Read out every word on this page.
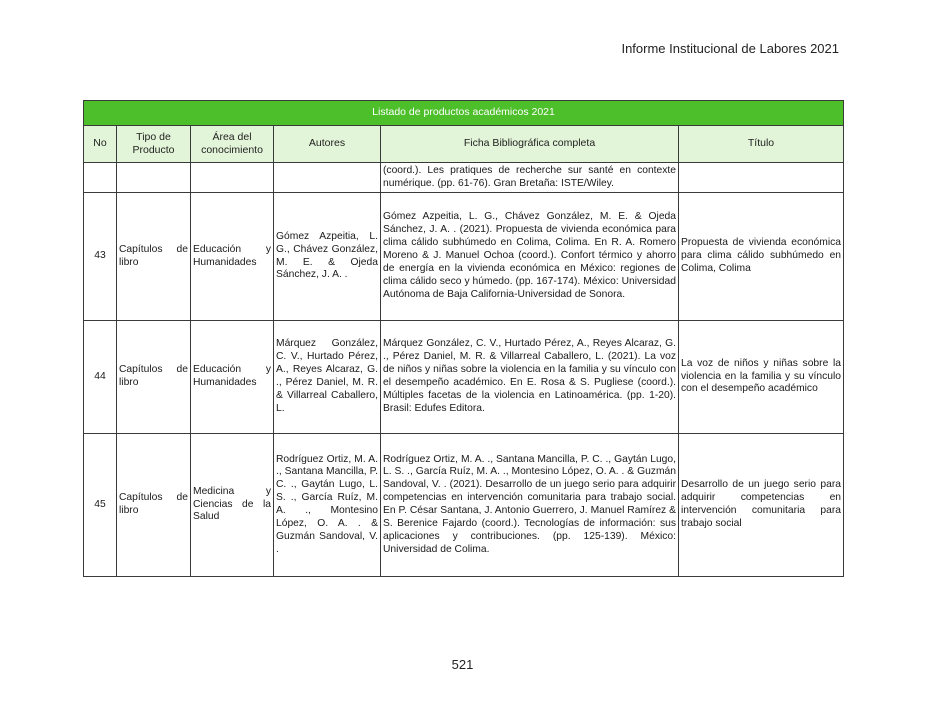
Informe Institucional de Labores 2021
Listado de productos académicos 2021					
No	Tipo de Producto	Área del conocimiento	Autores	Ficha Bibliográfica completa	Título
				(coord.). Les pratiques de recherche sur santé en contexte numérique. (pp. 61-76). Gran Bretaña: ISTE/Wiley.	
43	Capítulos de libro	Educación y Humanidades	Gómez Azpeitia, L. G., Chávez González, M. E. & Ojeda Sánchez, J. A. .	Gómez Azpeitia, L. G., Chávez González, M. E. & Ojeda Sánchez, J. A. . (2021). Propuesta de vivienda económica para clima cálido subhúmedo en Colima, Colima. En R. A. Romero Moreno & J. Manuel Ochoa (coord.). Confort térmico y ahorro de energía en la vivienda económica en México: regiones de clima cálido seco y húmedo. (pp. 167-174). México: Universidad Autónoma de Baja California-Universidad de Sonora.	Propuesta de vivienda económica para clima cálido subhúmedo en Colima, Colima
44	Capítulos de libro	Educación y Humanidades	Márquez González, C. V., Hurtado Pérez, A., Reyes Alcaraz, G. ., Pérez Daniel, M. R. & Villarreal Caballero, L.	Márquez González, C. V., Hurtado Pérez, A., Reyes Alcaraz, G. ., Pérez Daniel, M. R. & Villarreal Caballero, L. (2021). La voz de niños y niñas sobre la violencia en la familia y su vínculo con el desempeño académico. En E. Rosa & S. Pugliese (coord.). Múltiples facetas de la violencia en Latinoamérica. (pp. 1-20). Brasil: Edufes Editora.	La voz de niños y niñas sobre la violencia en la familia y su vínculo con el desempeño académico
45	Capítulos de libro	Medicina y Ciencias de la Salud	Rodríguez Ortiz, M. A. ., Santana Mancilla, P. C. ., Gaytán Lugo, L. S. ., García Ruíz, M. A. ., Montesino López, O. A. . & Guzmán Sandoval, V. .	Rodríguez Ortiz, M. A. ., Santana Mancilla, P. C. ., Gaytán Lugo, L. S. ., García Ruíz, M. A. ., Montesino López, O. A. . & Guzmán Sandoval, V. . (2021). Desarrollo de un juego serio para adquirir competencias en intervención comunitaria para trabajo social. En P. César Santana, J. Antonio Guerrero, J. Manuel Ramírez & S. Berenice Fajardo (coord.). Tecnologías de información: sus aplicaciones y contribuciones. (pp. 125-139). México: Universidad de Colima.	Desarrollo de un juego serio para adquirir competencias en intervención comunitaria para trabajo social
521
